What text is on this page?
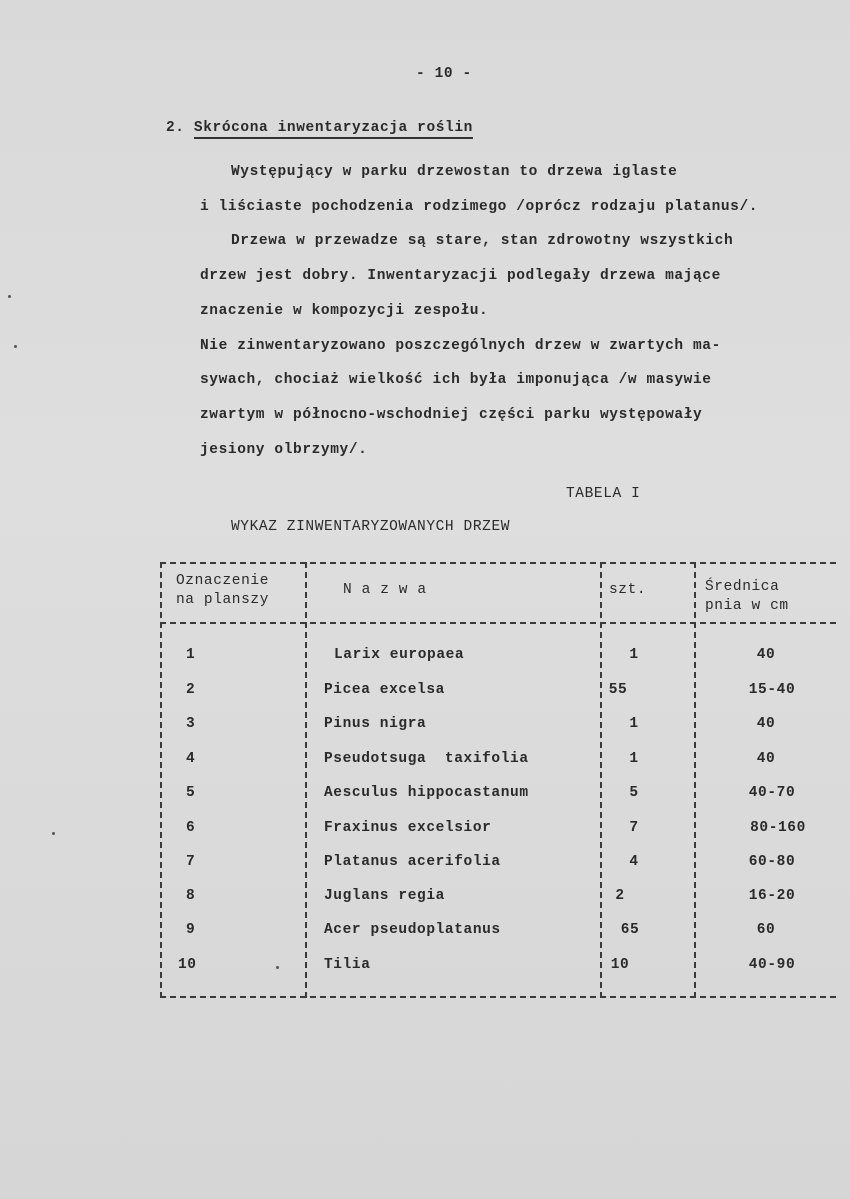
- 10 -
2. Skrócona inwentaryzacja roślin
Występujący w parku drzewostan to drzewa iglaste
i liściaste pochodzenia rodzimego /oprócz rodzaju platanus/.
Drzewa w przewadze są stare, stan zdrowotny wszystkich
drzew jest dobry. Inwentaryzacji podlegały drzewa mające
znaczenie w kompozycji zespołu.
Nie zinwentaryzowano poszczególnych drzew w zwartych ma-
sywach, chociaż wielkość ich była imponująca /w masywie
zwartym w północno-wschodniej części parku występowały
jesiony olbrzymy/.
TABELA I
WYKAZ ZINWENTARYZOWANYCH DRZEW
Oznaczenie
na planszy
N a z w a	szt.	Średnica
pnia w cm
1	Larix europaea	1	40
2	Picea excelsa	55	15-40
3	Pinus nigra	1	40
4	Pseudotsuga  taxifolia	1	40
5	Aesculus hippocastanum	5	40-70
6	Fraxinus excelsior	7	80-160
7	Platanus acerifolia	4	60-80
8	Juglans regia	2	16-20
9	Acer pseudoplatanus	65	60
10	Tilia	10	40-90
